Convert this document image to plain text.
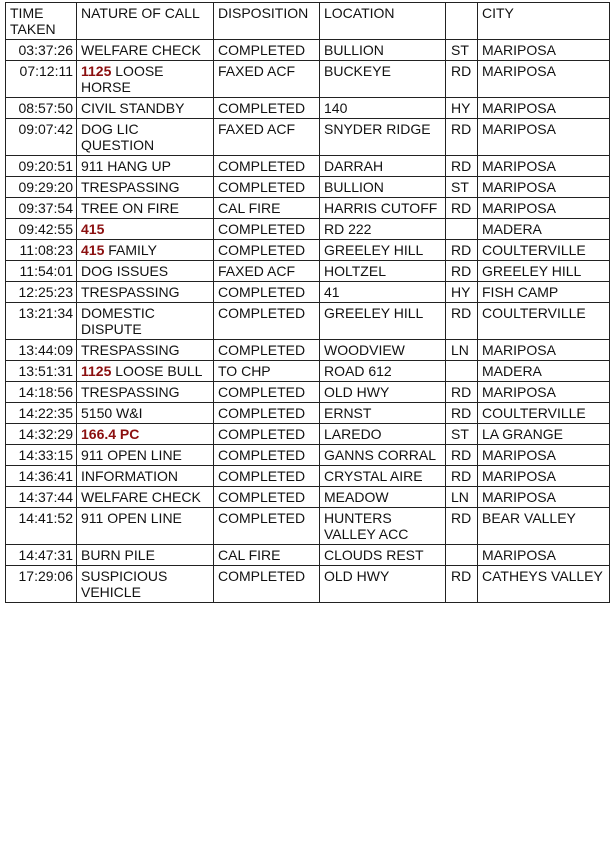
TIME TAKEN	NATURE OF CALL	DISPOSITION	LOCATION		CITY
03:37:26	WELFARE CHECK	COMPLETED	BULLION	ST	MARIPOSA
07:12:11	1125 LOOSE HORSE	FAXED ACF	BUCKEYE	RD	MARIPOSA
08:57:50	CIVIL STANDBY	COMPLETED	140	HY	MARIPOSA
09:07:42	DOG LIC QUESTION	FAXED ACF	SNYDER RIDGE	RD	MARIPOSA
09:20:51	911 HANG UP	COMPLETED	DARRAH	RD	MARIPOSA
09:29:20	TRESPASSING	COMPLETED	BULLION	ST	MARIPOSA
09:37:54	TREE ON FIRE	CAL FIRE	HARRIS CUTOFF	RD	MARIPOSA
09:42:55	415	COMPLETED	RD 222		MADERA
11:08:23	415 FAMILY	COMPLETED	GREELEY HILL	RD	COULTERVILLE
11:54:01	DOG ISSUES	FAXED ACF	HOLTZEL	RD	GREELEY HILL
12:25:23	TRESPASSING	COMPLETED	41	HY	FISH CAMP
13:21:34	DOMESTIC DISPUTE	COMPLETED	GREELEY HILL	RD	COULTERVILLE
13:44:09	TRESPASSING	COMPLETED	WOODVIEW	LN	MARIPOSA
13:51:31	1125 LOOSE BULL	TO CHP	ROAD 612		MADERA
14:18:56	TRESPASSING	COMPLETED	OLD HWY	RD	MARIPOSA
14:22:35	5150 W&I	COMPLETED	ERNST	RD	COULTERVILLE
14:32:29	166.4 PC	COMPLETED	LAREDO	ST	LA GRANGE
14:33:15	911 OPEN LINE	COMPLETED	GANNS CORRAL	RD	MARIPOSA
14:36:41	INFORMATION	COMPLETED	CRYSTAL AIRE	RD	MARIPOSA
14:37:44	WELFARE CHECK	COMPLETED	MEADOW	LN	MARIPOSA
14:41:52	911 OPEN LINE	COMPLETED	HUNTERS VALLEY ACC	RD	BEAR VALLEY
14:47:31	BURN PILE	CAL FIRE	CLOUDS REST		MARIPOSA
17:29:06	SUSPICIOUS VEHICLE	COMPLETED	OLD HWY	RD	CATHEYS VALLEY
